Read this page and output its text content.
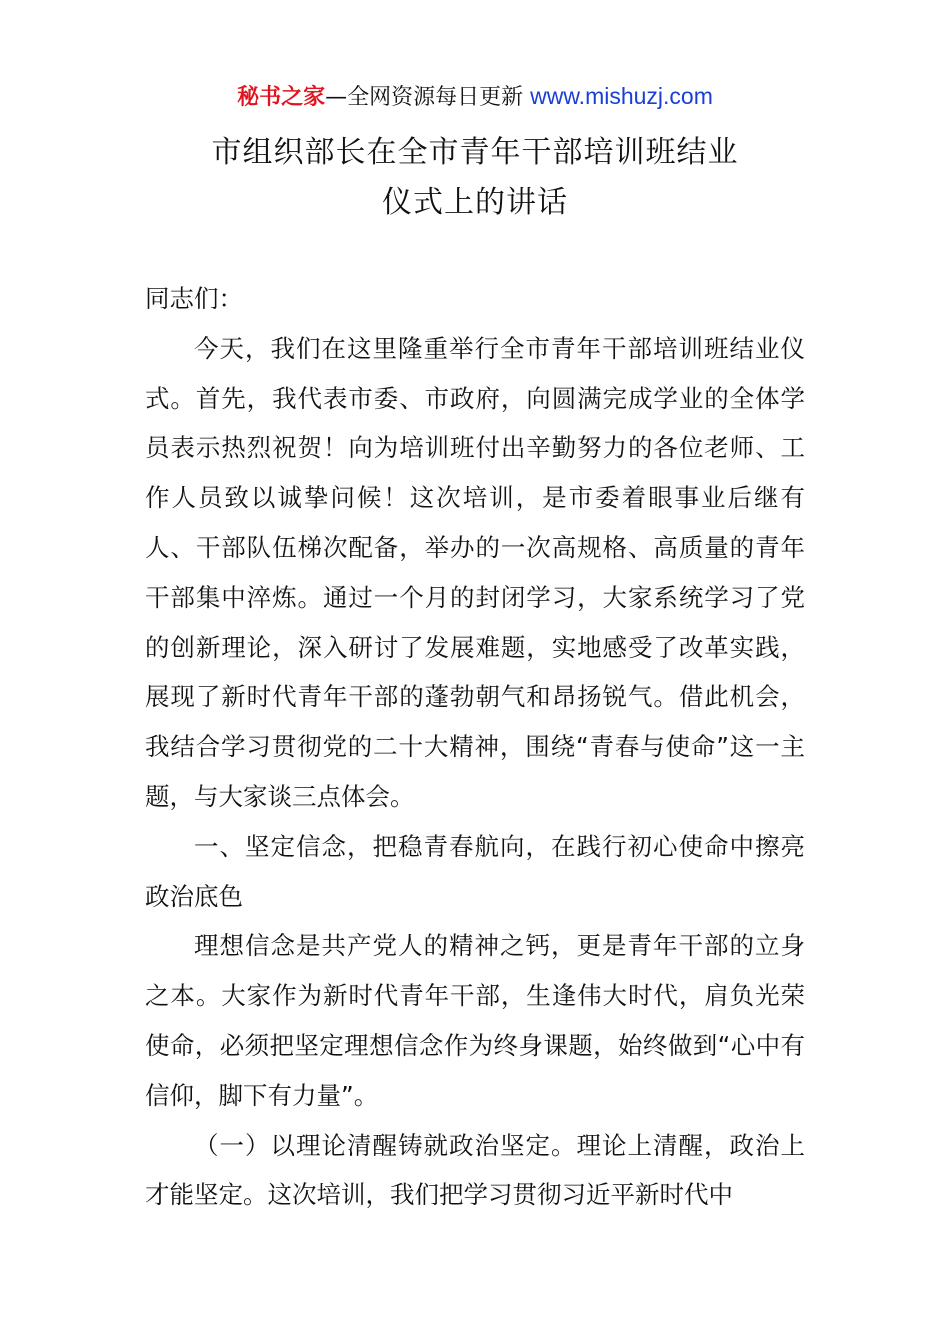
秘书之家—全网资源每日更新 www.mishuzj.com
市组织部长在全市青年干部培训班结业
仪式上的讲话

同志们：

今天，我们在这里隆重举行全市青年干部培训班结业仪式。首先，我代表市委、市政府，向圆满完成学业的全体学员表示热烈祝贺！向为培训班付出辛勤努力的各位老师、工作人员致以诚挚问候！这次培训，是市委着眼事业后继有人、干部队伍梯次配备，举办的一次高规格、高质量的青年干部集中淬炼。通过一个月的封闭学习，大家系统学习了党的创新理论，深入研讨了发展难题，实地感受了改革实践，展现了新时代青年干部的蓬勃朝气和昂扬锐气。借此机会，我结合学习贯彻党的二十大精神，围绕“青春与使命”这一主题，与大家谈三点体会。

一、坚定信念，把稳青春航向，在践行初心使命中擦亮政治底色

理想信念是共产党人的精神之钙，更是青年干部的立身之本。大家作为新时代青年干部，生逢伟大时代，肩负光荣使命，必须把坚定理想信念作为终身课题，始终做到“心中有信仰，脚下有力量”。

（一）以理论清醒铸就政治坚定。理论上清醒，政治上才能坚定。这次培训，我们把学习贯彻习近平新时代中
